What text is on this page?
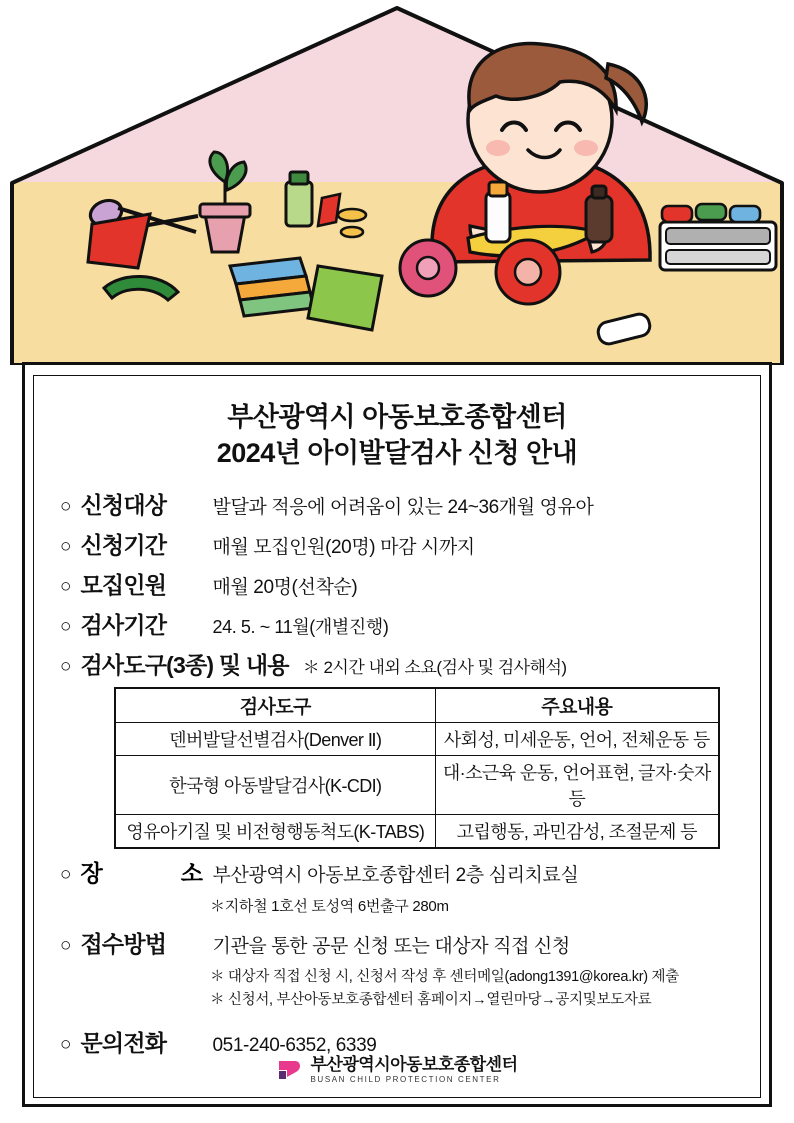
부산광역시 아동보호종합센터
2024년 아이발달검사 신청 안내
○ 신청대상	발달과 적응에 어려움이 있는 24~36개월 영유아
○ 신청기간	매월 모집인원(20명) 마감 시까지
○ 모집인원	매월 20명(선착순)
○ 검사기간	24. 5. ~ 11월(개별진행)
○ 검사도구(3종) 및 내용 ＊ 2시간 내외 소요(검사 및 검사해석)
검사도구	주요내용
덴버발달선별검사(Denver Ⅱ)	사회성, 미세운동, 언어, 전체운동 등
한국형 아동발달검사(K-CDI)	대·소근육 운동, 언어표현, 글자·숫자 등
영유아기질 및 비전형행동척도(K-TABS)	고립행동, 과민감성, 조절문제 등
○ 장	소 부산광역시 아동보호종합센터 2층 심리치료실
＊지하철 1호선 토성역 6번출구 280m
○ 접수방법	기관을 통한 공문 신청 또는 대상자 직접 신청
＊ 대상자 직접 신청 시, 신청서 작성 후 센터메일(adong1391@korea.kr) 제출
＊ 신청서, 부산아동보호종합센터 홈페이지→열린마당→공지및보도자료
○ 문의전화	051-240-6352, 6339
부산광역시아동보호종합센터
BUSAN CHILD PROTECTION CENTER
